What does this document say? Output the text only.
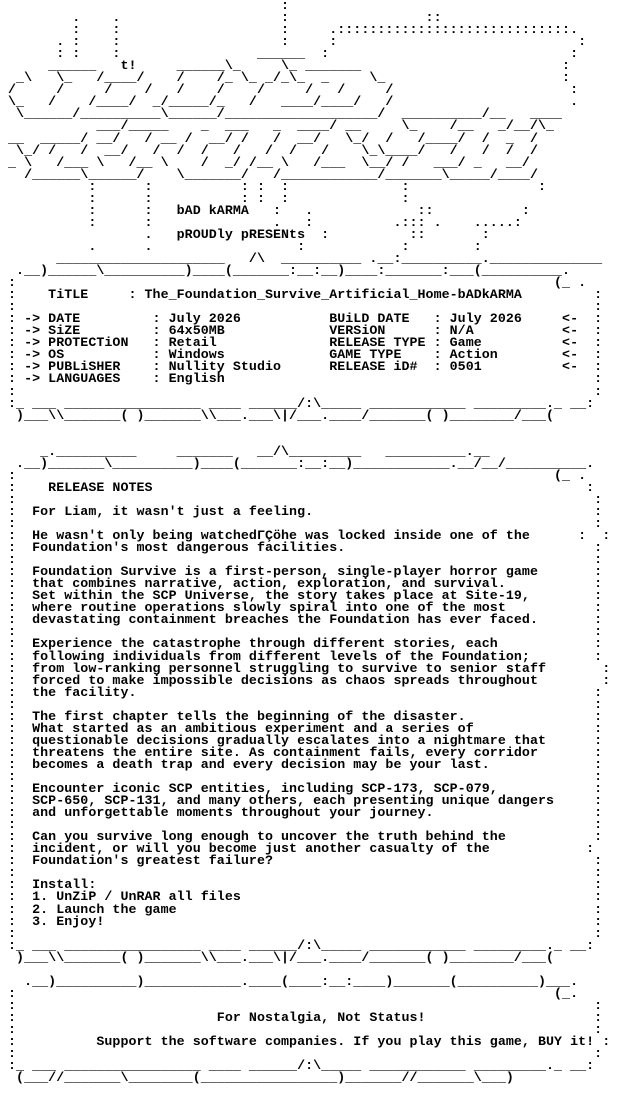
:
.    .                    :                 ::
:    :                    :     .:::::::::::::::::::::::::::::.
. :    :                    :     :                              :
: :    :                 ______  :                              :
______   t!     ______\_     \_ _______                         :
_\   \_   /____/    /    /_ \_ _/_\_  _     \_                      :
/     /     /    /   /    /    /     /   /     /                      :
\_   /    /____/  _/_____/_   /   ____/____/   /                      .
\______/__________\______/___________________/  __________/__   ____
___/_____    _  ___   _  ____/ __     \_    /__   _/__/\_
__  _____/ __/   / __ /  __/ /   /  __/   \_/  /   /____/  /  _  /
\_/ /   /  __/   /  /  /   /   /  /   /    \_\____/   /   /  /  /
_ \   /___ \   /__ \    /  _/ /__ \   /___  \__/ /   ___/ _   __/
/______\______/    \_______/   /____________/_______\_____/____/
:      :           : :  :              :                :
:      :           : :  :              :
:      :   bAD kARMA   :   .             ::           :
:      :               .   :          .::: .    .....:
.   pROUDly pRESENts  :          ::       :
.      .                  :            :        :
_____________________   /\  __________ .__:__________.______________
.__)______\__________)____(_______:__:__)____:_______:___(__________.
:                                                                   (_ .
:    TiTLE     : The_Foundation_Survive_Artificial_Home-bADkARMA         :
:                                                                        :
: -> DATE         : July 2026           BUiLD DATE   : July 2026     <-  :
: -> SiZE         : 64x50MB             VERSiON      : N/A           <-  :
: -> PROTECTiON   : Retail              RELEASE TYPE : Game          <-  :
: -> OS           : Windows             GAME TYPE    : Action        <-  :
: -> PUBLiSHER    : Nullity Studio      RELEASE iD#  : 0501          <-  :
: -> LANGUAGES    : English                                              :
:                                                                        :
:_ ___ _________________ ____ ______/:\_____ ____________ _________._ __:
)___\\_______( )_______\\___.___\|/___.____/_______( )________/___(
_.__________     _______   __/\_________   __________.__
.__)_______\__________)____(_______:__:__)____________.__/__/__________.
:                                                                   (_ .
:    RELEASE NOTES                                                      :
:                                                                        :
:  For Liam, it wasn't just a feeling.                                   :
:                                                                        :
:  He wasn't only being watchedΓÇöhe was locked inside one of the      :  :
:  Foundation's most dangerous facilities.                               :
:                                                                        :
:  Foundation Survive is a first-person, single-player horror game       :
:  that combines narrative, action, exploration, and survival.           :
:  Set within the SCP Universe, the story takes place at Site-19,        :
:  where routine operations slowly spiral into one of the most           :
:  devastating containment breaches the Foundation has ever faced.       :
:                                                                        :
:  Experience the catastrophe through different stories, each            :
:  following individuals from different levels of the Foundation;        :
:  from low-ranking personnel struggling to survive to senior staff       :
:  forced to make impossible decisions as chaos spreads throughout        :
:  the facility.                                                         :
:                                                                        :
:  The first chapter tells the beginning of the disaster.                :
:  What started as an ambitious experiment and a series of               :
:  questionable decisions gradually escalates into a nightmare that      :
:  threatens the entire site. As containment fails, every corridor       :
:  becomes a death trap and every decision may be your last.             :
:                                                                        :
:  Encounter iconic SCP entities, including SCP-173, SCP-079,            :
:  SCP-650, SCP-131, and many others, each presenting unique dangers     :
:  and unforgettable moments throughout your journey.                    :
:                                                                        :
:  Can you survive long enough to uncover the truth behind the           :
:  incident, or will you become just another casualty of the            :
:  Foundation's greatest failure?                                        :
:                                                                        :
:  Install:                                                              :
:  1. UnZiP / UnRAR all files                                            :
:  2. Launch the game                                                    :
:  3. Enjoy!                                                             :
:                                                                        :
:_ ___ _________________ ____ ______/:\_____ ____________ _________._ __:
)___\\_______( )_______\\___.___\|/___.____/_______( )________/___(
.__)__________)____________.____(____:__:____)_______(__________)___.
:                                                                   (_.
:                                                                        :
:                         For Nostalgia, Not Status!                     :
:                                                                        :
:          Support the software companies. If you play this game, BUY it! :
:                                                                        :
:_ ___ _________________ ____ ______/:\_____ ____________ _________._ __:
(___//_______\________(_________________)_______//_______\___)
